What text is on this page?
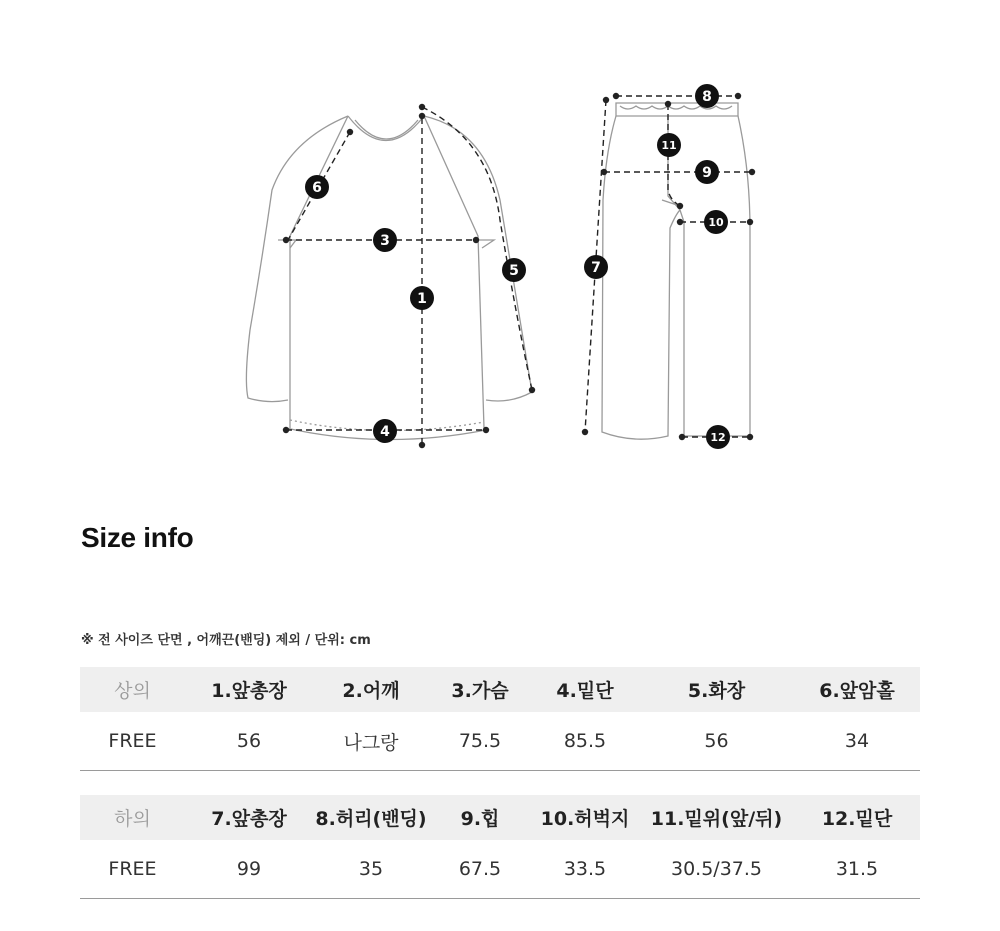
1
3
4
5
6
7
8
9
10
11
12
Size info
※ 전 사이즈 단면 , 어깨끈(밴딩) 제외 / 단위: cm
상의	1.앞총장	2.어깨	3.가슴	4.밑단	5.화장	6.앞암홀
FREE	56	나그랑	75.5	85.5	56	34
하의	7.앞총장	8.허리(밴딩)	9.힙	10.허벅지	11.밑위(앞/뒤)	12.밑단
FREE	99	35	67.5	33.5	30.5/37.5	31.5
